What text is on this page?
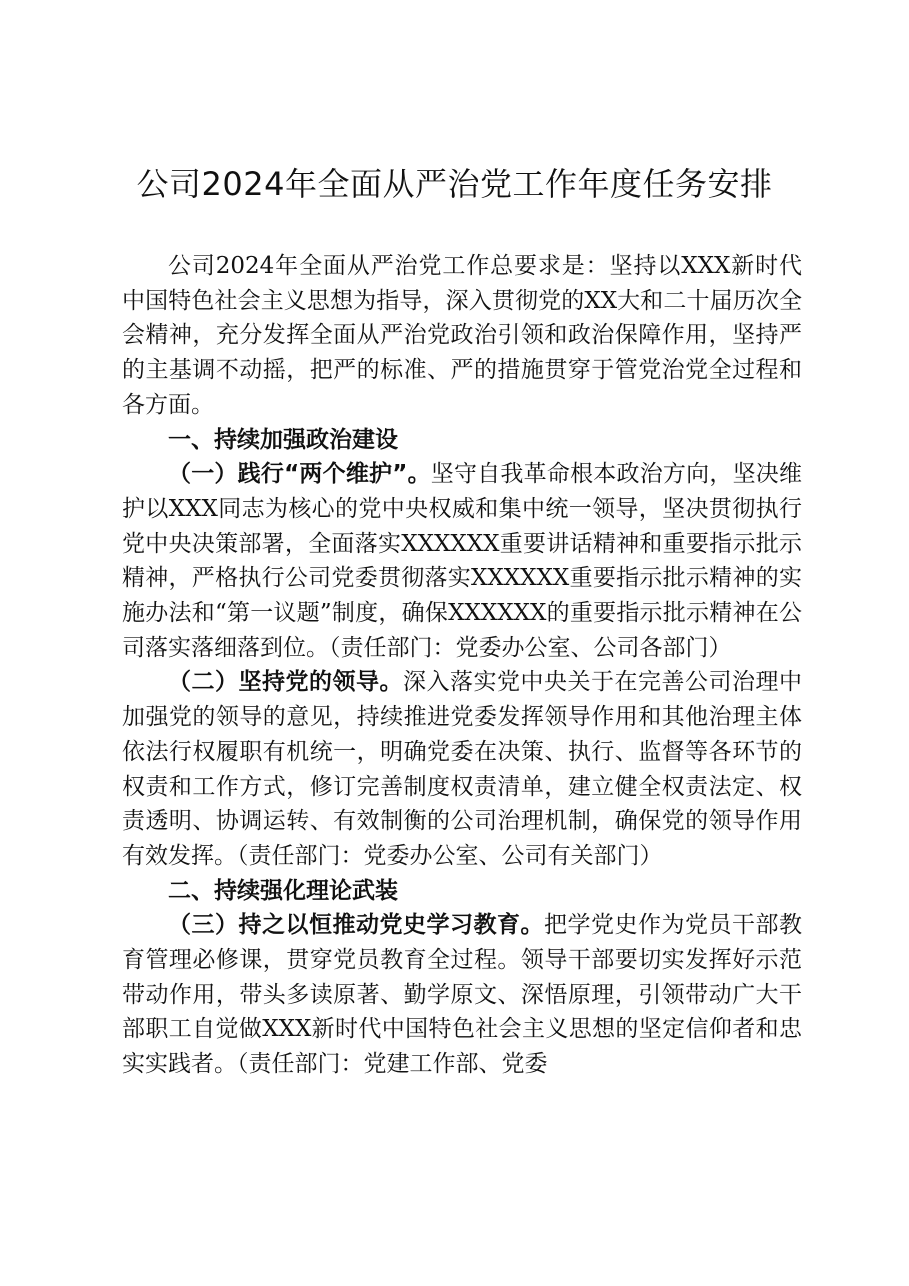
公司2024年全面从严治党工作年度任务安排

公司2024年全面从严治党工作总要求是：坚持以XXX新时代中国特色社会主义思想为指导，深入贯彻党的XX大和二十届历次全会精神，充分发挥全面从严治党政治引领和政治保障作用，坚持严的主基调不动摇，把严的标准、严的措施贯穿于管党治党全过程和各方面。

一、持续加强政治建设

（一）践行“两个维护”。坚守自我革命根本政治方向，坚决维护以XXX同志为核心的党中央权威和集中统一领导，坚决贯彻执行党中央决策部署，全面落实XXXXXX重要讲话精神和重要指示批示精神，严格执行公司党委贯彻落实XXXXXX重要指示批示精神的实施办法和“第一议题”制度，确保XXXXXX的重要指示批示精神在公司落实落细落到位。（责任部门：党委办公室、公司各部门）

（二）坚持党的领导。深入落实党中央关于在完善公司治理中加强党的领导的意见，持续推进党委发挥领导作用和其他治理主体依法行权履职有机统一，明确党委在决策、执行、监督等各环节的权责和工作方式，修订完善制度权责清单，建立健全权责法定、权责透明、协调运转、有效制衡的公司治理机制，确保党的领导作用有效发挥。（责任部门：党委办公室、公司有关部门）

二、持续强化理论武装

（三）持之以恒推动党史学习教育。把学党史作为党员干部教育管理必修课，贯穿党员教育全过程。领导干部要切实发挥好示范带动作用，带头多读原著、勤学原文、深悟原理，引领带动广大干部职工自觉做XXX新时代中国特色社会主义思想的坚定信仰者和忠实实践者。（责任部门：党建工作部、党委
